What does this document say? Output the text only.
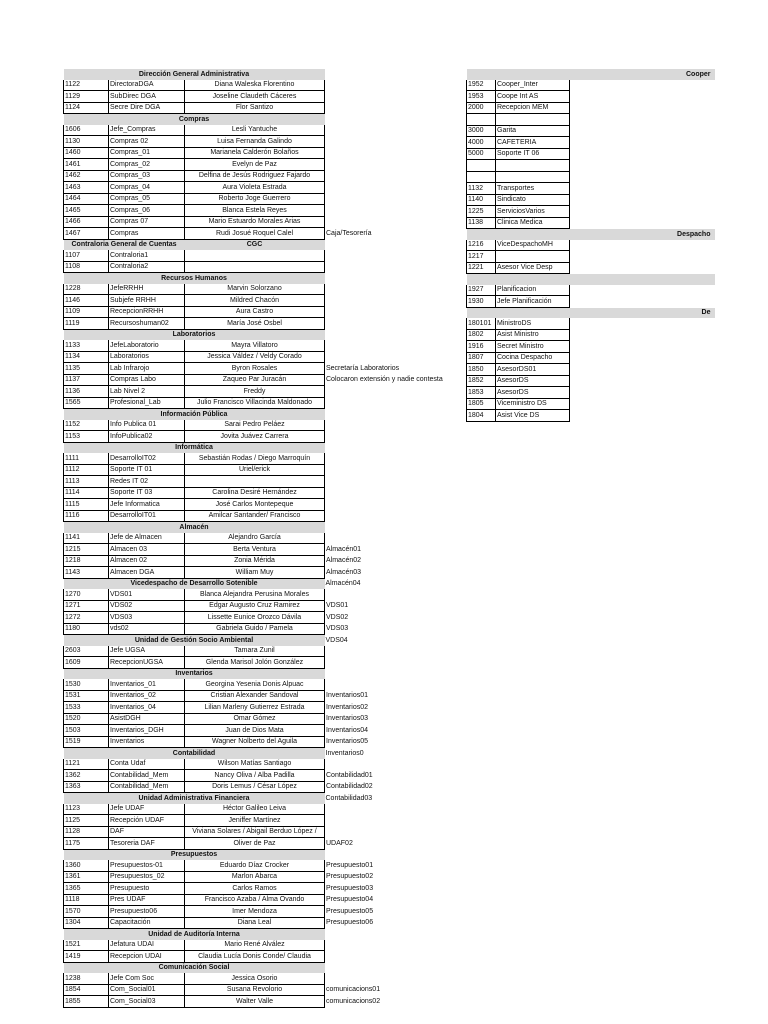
Dirección General Administrativa			
1122	DirectoraDGA	Diana Waleska Florentino	
1129	SubDirec DGA	Joseline Claudeth Cáceres	
1124	Secre Dire DGA	Flor Santizo	
Compras			
1606	Jefe_Compras	Lesli Yantuche	
1130	Compras 02	Luisa Fernanda Galindo	
1460	Compras_01	Marianela Calderón Bolaños	
1461	Compras_02	Evelyn de Paz	
1462	Compras_03	Delfina de Jesús Rodriguez Fajardo	
1463	Compras_04	Aura Violeta Estrada	
1464	Compras_05	Roberto Joge Guerrero	
1465	Compras_06	Blanca Estela Reyes	
1466	Compras 07	Mario Estuardo Morales Arias	
1467	Compras	Rudi Josué Roquel Calel	Caja/Tesorería
Contraloria General de Cuentas		CGC	
1107	Contraloria1		
1108	Contraloria2		
Recursos Humanos			
1228	JefeRRHH	Marvin Solorzano	
1146	Subjefe RRHH	Mildred Chacón	
1109	RecepcionRRHH	Aura Castro	
1119	Recursoshuman02	María José Osbel	
Laboratorios			
1133	JefeLaboratorio	Mayra Villatoro	
1134	Laboratorios	Jessica Váldez / Veldy Corado	
1135	Lab Infrarojo	Byron Rosales	Secretaría Laboratorios
1137	Compras Labo	Zaqueo Par Juracán	Colocaron extensión y nadie contesta
1136	Lab Nivel 2	Freddy	
1565	Profesional_Lab	Julio Francisco Villacinda Maldonado	
Información Pública			
1152	Info Publica 01	Sarai Pedro Peláez	
1153	InfoPublica02	Jovita Juávez Carrera	
Informática			
1111	DesarrolloIT02	Sebastián Rodas / Diego Marroquín	
1112	Soporte IT 01	Uriel/erick	
1113	Redes IT 02		
1114	Soporte IT 03	Carolina Desiré Hernández	
1115	Jefe Informatica	José Carlos Montepeque	
1116	DesarrolloIT01	Amilcar Santander/ Francisco	
Almacén			
1141	Jefe de Almacen	Alejandro García	
1215	Almacen 03	Berta Ventura	Almacén01
1218	Almacen 02	Zonia Mérida	Almacén02
1143	Almacen DGA	William Muy	Almacén03
Vicedespacho de Desarrollo Sotenible			Almacén04
1270	VDS01	Blanca Alejandra Perusina Morales	
1271	VDS02	Edgar Augusto Cruz Ramirez	VDS01
1272	VDS03	Lissette Eunice Orozco Dávila	VDS02
1180	vds02	Gabriela Guido / Pamela	VDS03
Unidad de Gestión Socio Ambiental			VDS04
2603	Jefe UGSA	Tamara Zunil	
1609	RecepcionUGSA	Glenda Marisol Jolón González	
Inventarios			
1530	Inventarios_01	Georgina Yesenia Donis Alpuac	
1531	Inventarios_02	Cristian Alexander Sandoval	Inventarios01
1533	Inventarios_04	Lilian Marleny Gutierrez Estrada	Inventarios02
1520	AsistDGH	Omar Gómez	Inventarios03
1503	Inventarios_DGH	Juan de Dios Mata	Inventarios04
1519	Inventarios	Wagner Nolberto del Aguila	Inventarios05
Contabilidad			Inventarios0
1121	Conta Udaf	Wilson Matías Santiago	
1362	Contabilidad_Mem	Nancy Oliva / Alba Padilla	Contabilidad01
1363	Contabilidad_Mem	Doris Lemus / César López	Contabilidad02
Unidad Administrativa Financiera			Contabilidad03
1123	Jefe UDAF	Héctor Galileo Leiva	
1125	Recepción UDAF	Jeniffer Martínez	
1128	DAF	Viviana Solares / Abigail Berduo López /	
1175	Tesoreria DAF	Oliver de Paz	UDAF02
Presupuestos			
1360	Presupuestos-01	Eduardo Díaz Crocker	Presupuesto01
1361	Presupuestos_02	Marlon Abarca	Presupuesto02
1365	Presupuesto	Carlos Ramos	Presupuesto03
1118	Pres UDAF	Francisco Azaba / Alma Ovando	Presupuesto04
1570	Presupuesto06	Imer Mendoza	Presupuesto05
1304	Capacitación	Diana Leal	Presupuesto06
Unidad de Auditoría Interna			
1521	Jefatura UDAI	Mario René Alvález	
1419	Recepcion UDAI	Claudia Lucía Donis Conde/ Claudia	
Comunicación Social			
1238	Jefe Com Soc	Jessica Osorio	
1854	Com_Social01	Susana Revolorio	comunicacions01
1855	Com_Social03	Walter Valle	comunicacions02
Cooper		
1952	Cooper_Inter	
1953	Coope Int AS	
2000	Recepcion MEM	

3000	Garita	
4000	CAFETERIA	
5000	Soporte IT 06	

1132	Transportes	
1140	Sindicato	
1225	ServiciosVarios	
1138	Clinica Medica	
Despacho		
1216	ViceDespachoMH	
1217		
1221	Asesor Vice Desp	

1927	Planificacion	
1930	Jefe Planificación	
De		
180101	MinistroDS	
1802	Asist Ministro	
1916	Secret Ministro	
1807	Cocina Despacho	
1850	AsesorDS01	
1852	AsesorDS	
1853	AsesorDS	
1805	Viceministro DS	
1804	Asist Vice DS	
